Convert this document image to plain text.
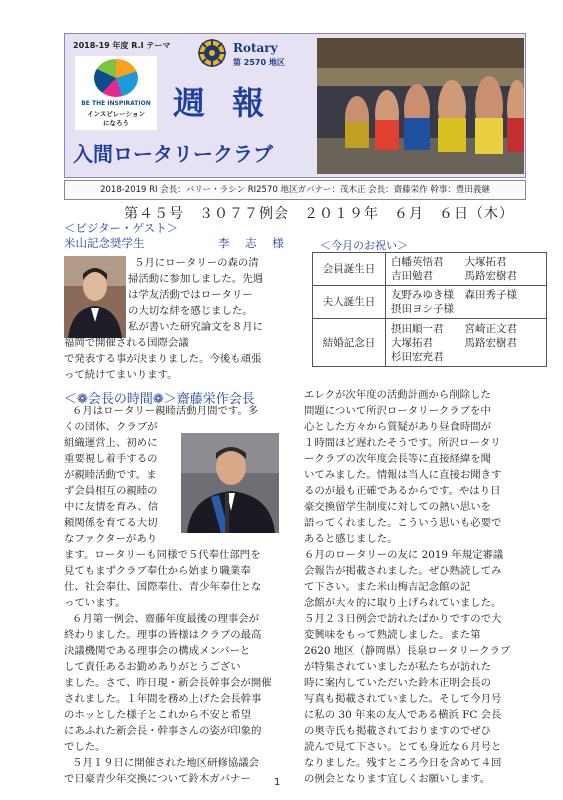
2018-19 年度 R.I テーマ
BE THE INSPIRATION
インスピレーション
になろう
Rotary
第 2570 地区
週 報
入間ロータリークラブ
2018-2019 RI 会長：バリー・ラシン RI2570 地区ガバナー：茂木正 会長：齋藤栄作 幹事：豊田義継
第４５号　３０７７例会　２０１９年　６月　６日（木）
＜ビジター・ゲスト＞
米山記念奨学生	李 志 様
５月にロータリーの森の清
掃活動に参加しました。先週
は学友活動ではロータリー
の大切な絆を感じました。
私が書いた研究論文を８月に
福岡で開催される国際会議
で発表する事が決まりました。今後も頑張
って続けてまいります。
＜今月のお祝い＞
会員誕生日	白幡英悟君　　大塚拓君
吉田勉君　　　馬路宏樹君

夫人誕生日	友野みゆき様　森田秀子様
摂田ヨシ子様

結婚記念日	摂田順一君　　宮崎正文君
大塚拓君　　　馬路宏樹君
杉田宏充君
＜❁会長の時間❁＞齋藤栄作会長
６月はロータリー親睦活動月間です。多
くの団体、クラブが
組織運営上、初めに
重要視し着手するの
が親睦活動です。ま
ず会員相互の親睦の
中に友情を育み、信
頼関係を育てる大切
なファクターがあり
ます。ロータリーも同様で５代奉仕部門を
見てもまずクラブ奉仕から始まり職業奉
仕、社会奉仕、国際奉仕、青少年奉仕とな
っています。
６月第一例会、齋藤年度最後の理事会が
終わりました。理事の皆様はクラブの最高
決議機関である理事会の構成メンバーと
して責任あるお勤めありがとうござい
ました。さて、昨日現・新会長幹事会が開催
されました。１年間を務め上げた会長幹事
のホッとした様子とこれから不安と希望
にあふれた新会長・幹事さんの姿が印象的
でした。
５月１９日に開催された地区研修協議会
で日豪青少年交換について鈴木ガバナー
エレクが次年度の活動計画から削除した
問題について所沢ロータリークラブを中
心とした方々から質疑があり昼食時間が
１時間ほど遅れたそうです。所沢ロータリ
ークラブの次年度会長等に直接経緯を聞
いてみました。情報は当人に直接お聞きす
るのが最も正確であるからです。やはり日
豪交換留学生制度に対しての熱い思いを
語ってくれました。こういう思いも必要で
あると感じました。
６月のロータリーの友に 2019 年規定審議
会報告が掲載されました。ぜひ熟読してみ
て下さい。また米山梅吉記念館の記
念館が大々的に取り上げられていました。
５月２３日例会で訪れたばかりですので大
変興味をもって熟読しました。また第
2620 地区（静岡県）長泉ロータリークラブ
が特集されていましたが私たちが訪れた
時に案内していただいた鈴木正明会長の
写真も掲載されていました。そして今月号
に私の 30 年来の友人である横浜 FC 会長
の奥寺氏も掲載されておりますのでぜひ
読んで見て下さい。とても身近な６月号と
なりました。残すところ今日を含めて４回
の例会となります宜しくお願いします。
1
